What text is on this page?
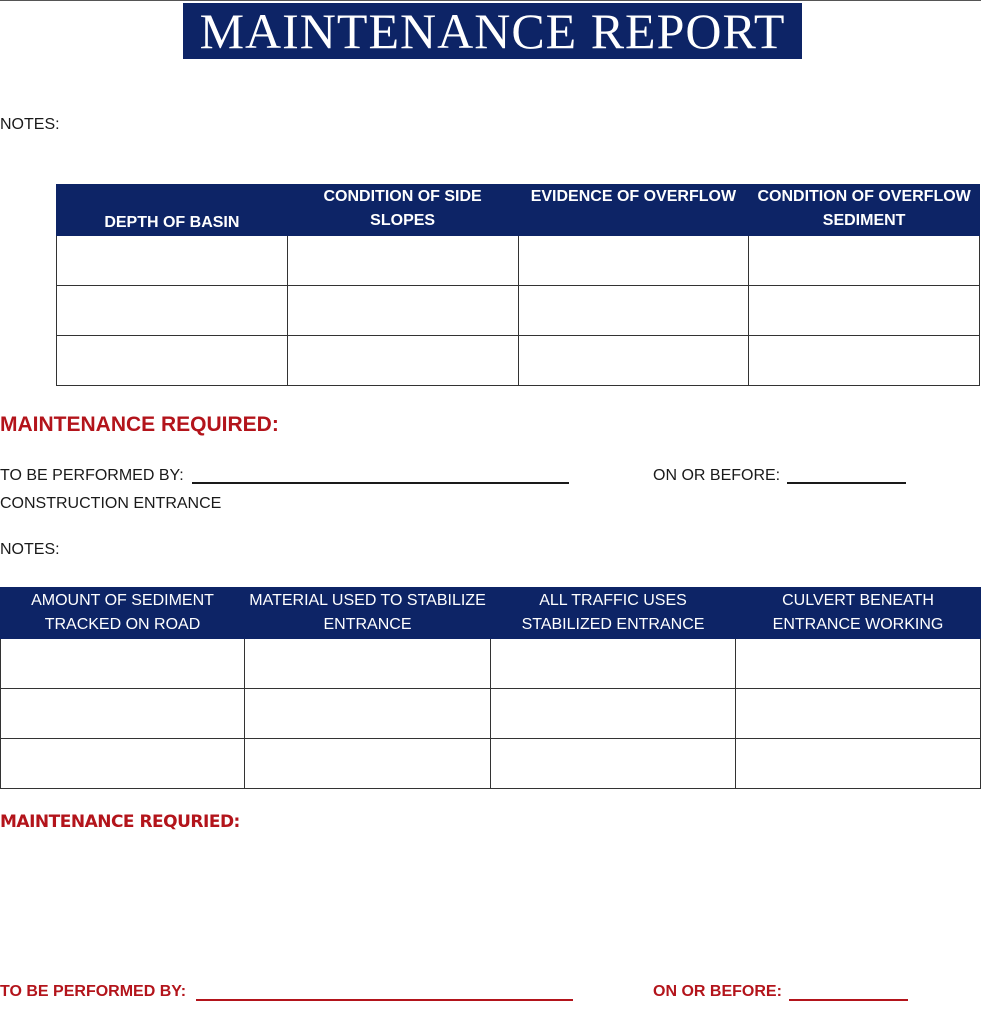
MAINTENANCE REPORT
NOTES:
DEPTH OF BASIN	CONDITION OF SIDE SLOPES	EVIDENCE OF OVERFLOW	CONDITION OF OVERFLOW SEDIMENT

MAINTENANCE REQUIRED:
TO BE PERFORMED BY:	ON OR BEFORE:
CONSTRUCTION ENTRANCE
NOTES:
AMOUNT OF SEDIMENT TRACKED ON ROAD	MATERIAL USED TO STABILIZE ENTRANCE	ALL TRAFFIC USES STABILIZED ENTRANCE	CULVERT BENEATH ENTRANCE WORKING

MAINTENANCE REQURIED:
TO BE PERFORMED BY:	ON OR BEFORE:
